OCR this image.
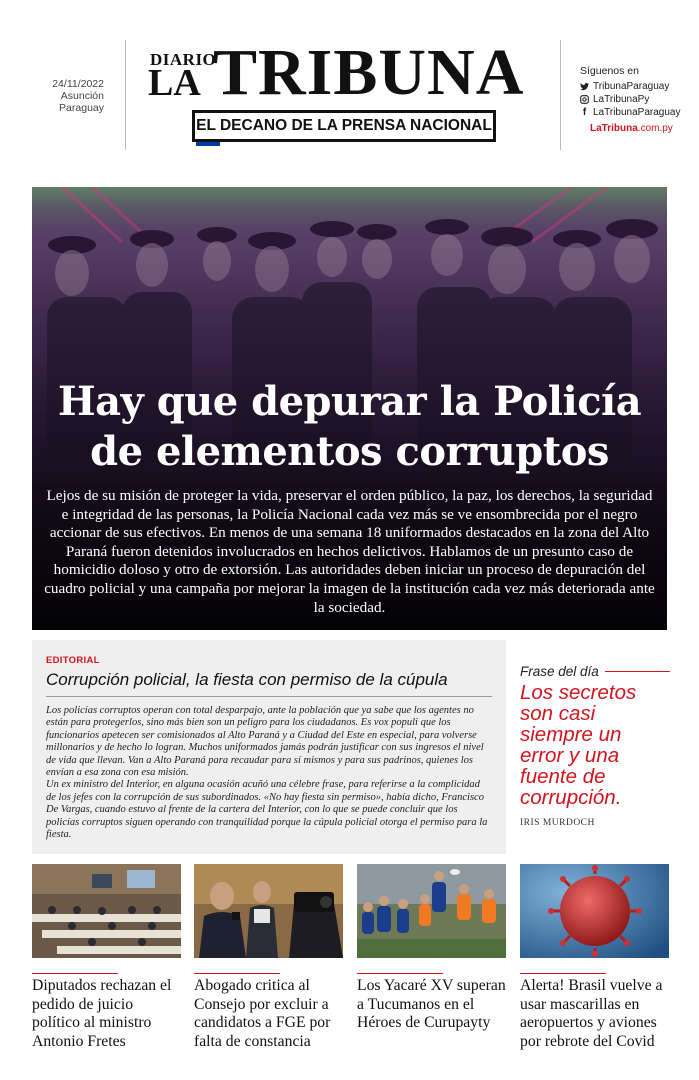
24/11/2022
Asunción
Paraguay
DIARIO
LA TRIBUNA
EL DECANO DE LA PRENSA NACIONAL
Síguenos en
TribunaParaguay
LaTribunaPy
f LaTribunaParaguay
LaTribuna.com.py
Hay que depurar la Policía
de elementos corruptos
Lejos de su misión de proteger la vida, preservar el orden público, la paz, los derechos, la seguridad e integridad de las personas, la Policía Nacional cada vez más se ve ensombrecida por el negro accionar de sus efectivos. En menos de una semana 18 uniformados destacados en la zona del Alto Paraná fueron detenidos involucrados en hechos delictivos. Hablamos de un presunto caso de homicidio doloso y otro de extorsión. Las autoridades deben iniciar un proceso de depuración del cuadro policial y una campaña por mejorar la imagen de la institución cada vez más deteriorada ante la sociedad.
EDITORIAL
Corrupción policial, la fiesta con permiso de la cúpula
Los policías corruptos operan con total desparpajo, ante la población que ya sabe que los agentes no están para protegerlos, sino más bien son un peligro para los ciudadanos. Es vox populi que los funcionarios apetecen ser comisionados al Alto Paraná y a Ciudad del Este en especial, para volverse millonarios y de hecho lo logran. Muchos uniformados jamás podrán justificar con sus ingresos el nivel de vida que llevan. Van a Alto Paraná para recaudar para sí mismos y para sus padrinos, quienes los envían a esa zona con esa misión.
Un ex ministro del Interior, en alguna ocasión acuñó una célebre frase, para referirse a la complicidad de los jefes con la corrupción de sus subordinados. «No hay fiesta sin permiso», había dicho, Francisco De Vargas, cuando estuvo al frente de la cartera del Interior, con lo que se puede concluir que los policías corruptos siguen operando con tranquilidad porque la cúpula policial otorga el permiso para la fiesta.
Frase del día
Los secretos son casi siempre un error y una fuente de corrupción.
IRIS MURDOCH
Diputados rechazan el pedido de juicio político al ministro Antonio Fretes
Abogado critica al Consejo por excluir a candidatos a FGE por falta de constancia
Los Yacaré XV superan a Tucumanos en el Héroes de Curupayty
Alerta! Brasil vuelve a usar mascarillas en aeropuertos y aviones por rebrote del Covid
